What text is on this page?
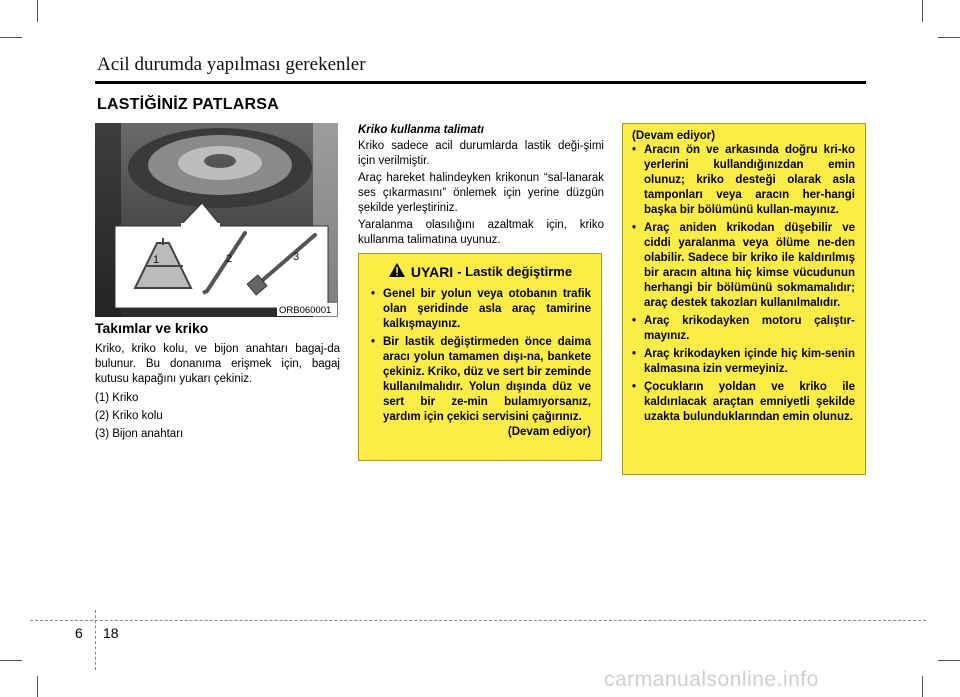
Acil durumda yapılması gerekenler
LASTİĞİNİZ PATLARSA
1	2	3
ORB060001
Takımlar ve kriko

Kriko, kriko kolu, ve bijon anahtarı bagaj-da bulunur. Bu donanıma erişmek için, bagaj kutusu kapağını yukarı çekiniz.

(1) Kriko
(2) Kriko kolu
(3) Bijon anahtarı
Kriko kullanma talimatı

Kriko sadece acil durumlarda lastik deği-şimi için verilmiştir.

Araç hareket halindeyken krikonun “sal-lanarak ses çıkarmasını” önlemek için yerine düzgün şekilde yerleştiriniz.

Yaralanma olasılığını azaltmak için, kriko kullanma talimatına uyunuz.

UYARI - Lastik değiştirme
• Genel bir yolun veya otobanın trafik olan şeridinde asla araç tamirine kalkışmayınız.
• Bir lastik değiştirmeden önce daima aracı yolun tamamen dışı-na, bankete çekiniz. Kriko, düz ve sert bir zeminde kullanılmalıdır. Yolun dışında düz ve sert bir ze-min bulamıyorsanız, yardım için çekici servisini çağırınız.
(Devam ediyor)
(Devam ediyor)
• Aracın ön ve arkasında doğru kri-ko yerlerini kullandığınızdan emin olunuz; kriko desteği olarak asla tamponları veya aracın her-hangi başka bir bölümünü kullan-mayınız.
• Araç aniden krikodan düşebilir ve ciddi yaralanma veya ölüme ne-den olabilir. Sadece bir kriko ile kaldırılmış bir aracın altına hiç kimse vücudunun herhangi bir bölümünü sokmamalıdır; araç destek takozları kullanılmalıdır.
• Araç krikodayken motoru çalıştır-mayınız.
• Araç krikodayken içinde hiç kim-senin kalmasına izin vermeyiniz.
• Çocukların yoldan ve kriko ile kaldırılacak araçtan emniyetli şekilde uzakta bulunduklarından emin olunuz.
6 18
carmanualsonline.info
